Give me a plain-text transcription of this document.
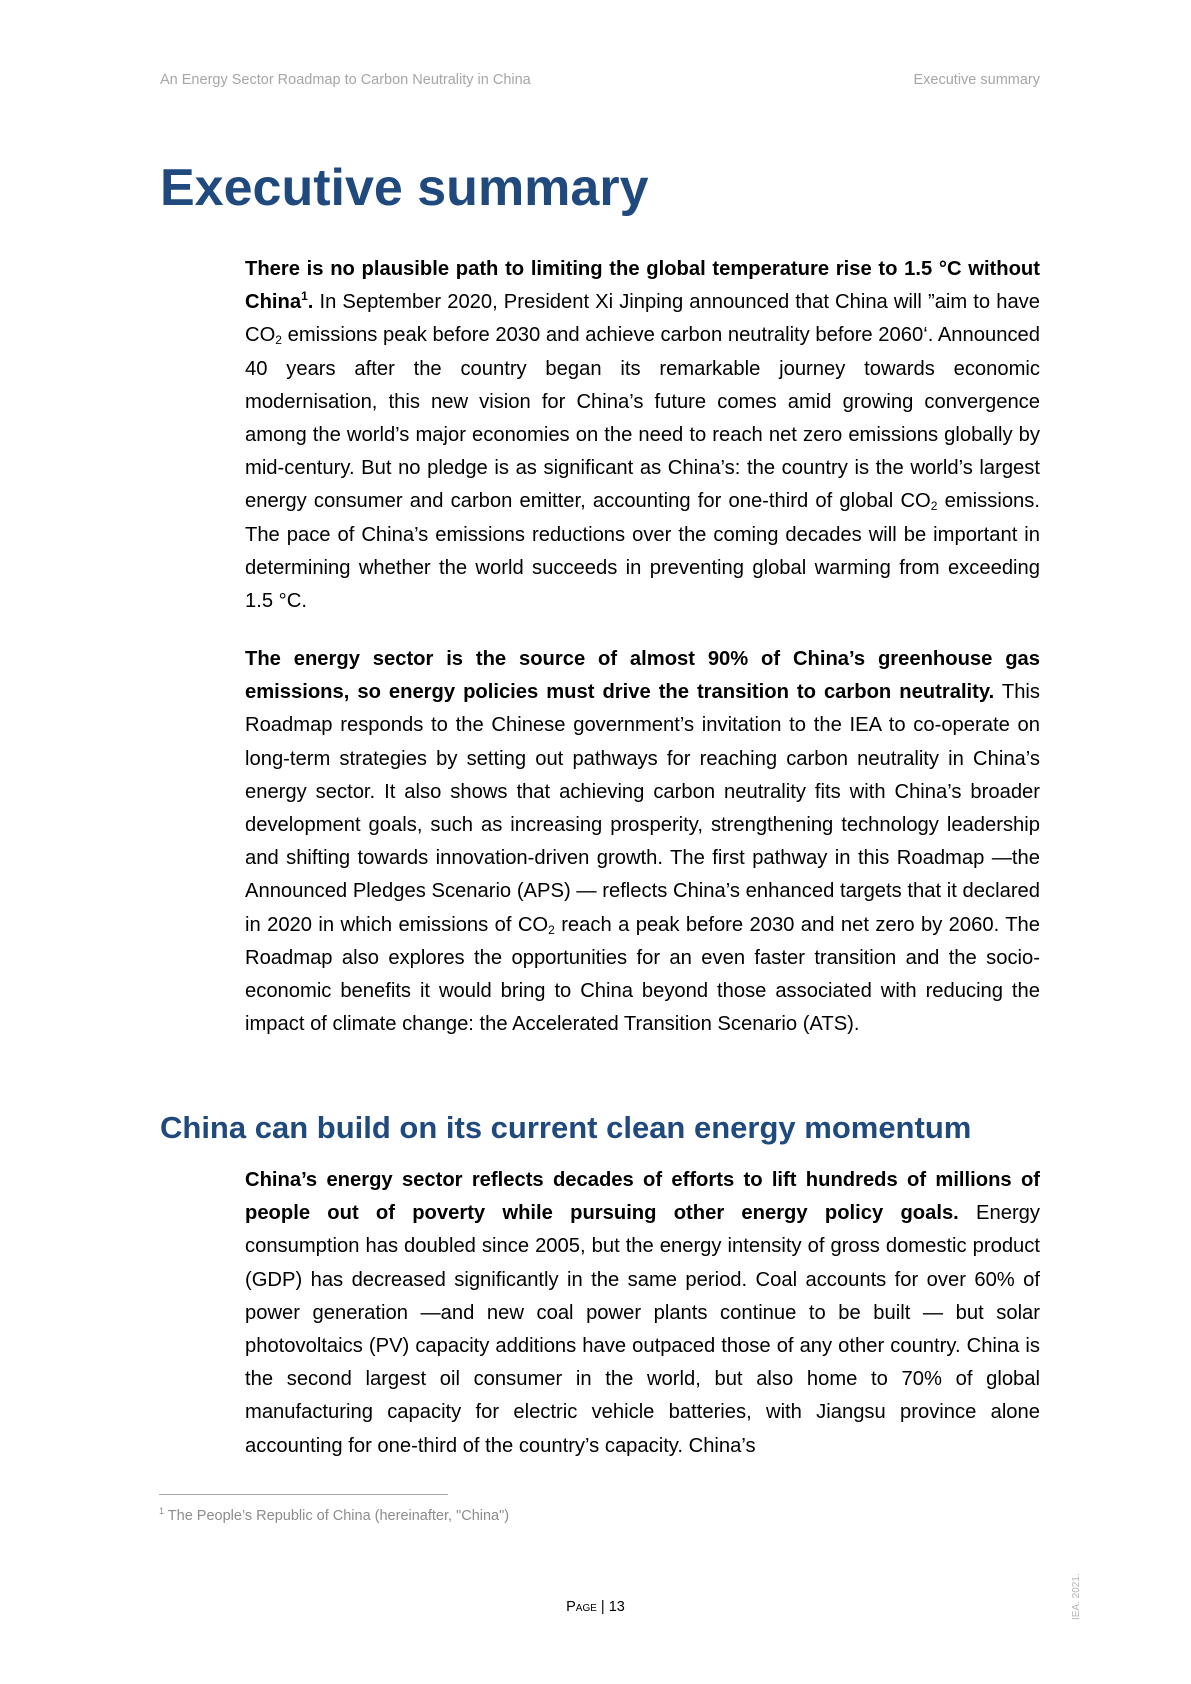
An Energy Sector Roadmap to Carbon Neutrality in China	Executive summary
Executive summary

There is no plausible path to limiting the global temperature rise to 1.5 °C without China$^1$. In September 2020, President Xi Jinping announced that China will ”aim to have $CO_2$ emissions peak before 2030 and achieve carbon neutrality before 2060‘. Announced 40 years after the country began its remarkable journey towards economic modernisation, this new vision for China’s future comes amid growing convergence among the world’s major economies on the need to reach net zero emissions globally by mid-century. But no pledge is as significant as China’s: the country is the world’s largest energy consumer and carbon emitter, accounting for one-third of global $CO_2$ emissions. The pace of China’s emissions reductions over the coming decades will be important in determining whether the world succeeds in preventing global warming from exceeding 1.5 °C.

The energy sector is the source of almost 90% of China’s greenhouse gas emissions, so energy policies must drive the transition to carbon neutrality. This Roadmap responds to the Chinese government’s invitation to the IEA to co-operate on long-term strategies by setting out pathways for reaching carbon neutrality in China’s energy sector. It also shows that achieving carbon neutrality fits with China’s broader development goals, such as increasing prosperity, strengthening technology leadership and shifting towards innovation-driven growth. The first pathway in this Roadmap —the Announced Pledges Scenario (APS) — reflects China’s enhanced targets that it declared in 2020 in which emissions of $CO_2$ reach a peak before 2030 and net zero by 2060. The Roadmap also explores the opportunities for an even faster transition and the socio-economic benefits it would bring to China beyond those associated with reducing the impact of climate change: the Accelerated Transition Scenario (ATS).

China can build on its current clean energy momentum

China’s energy sector reflects decades of efforts to lift hundreds of millions of people out of poverty while pursuing other energy policy goals. Energy consumption has doubled since 2005, but the energy intensity of gross domestic product (GDP) has decreased significantly in the same period. Coal accounts for over 60% of power generation —and new coal power plants continue to be built — but solar photovoltaics (PV) capacity additions have outpaced those of any other country. China is the second largest oil consumer in the world, but also home to 70% of global manufacturing capacity for electric vehicle batteries, with Jiangsu province alone accounting for one-third of the country’s capacity. China’s

$^1$ The People’s Republic of China (hereinafter, "China")
Page | 13	IEA. 2021.
